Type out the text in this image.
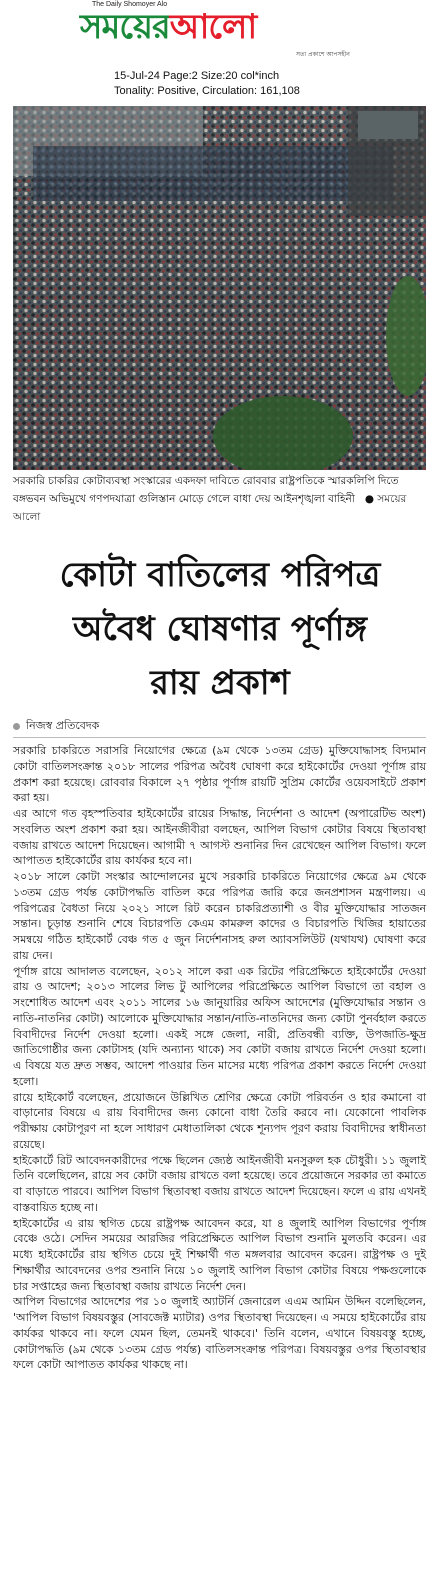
The Daily Shomoyer Alo
সময়েরআলো
সত্য প্রকাশে আপসহীন
15-Jul-24 Page:2 Size:20 col*inch
Tonality: Positive, Circulation: 161,108
সরকারি চাকরির কোটাব্যবস্থা সংস্কারের একদফা দাবিতে রোববার রাষ্ট্রপতিকে স্মারকলিপি দিতে বঙ্গভবন অভিমুখে গণপদযাত্রা গুলিস্তান মোড়ে গেলে বাধা দেয় আইনশৃঙ্খলা বাহিনী   ● সময়ের আলো
কোটা বাতিলের পরিপত্র
অবৈধ ঘোষণার পূর্ণাঙ্গ
রায় প্রকাশ
নিজস্ব প্রতিবেদক

সরকারি চাকরিতে সরাসরি নিয়োগের ক্ষেত্রে (৯ম থেকে ১৩তম গ্রেড) মুক্তিযোদ্ধাসহ বিদ্যমান কোটা বাতিলসংক্রান্ত ২০১৮ সালের পরিপত্র অবৈধ ঘোষণা করে হাইকোর্টের দেওয়া পূর্ণাঙ্গ রায় প্রকাশ করা হয়েছে। রোববার বিকালে ২৭ পৃষ্ঠার পূর্ণাঙ্গ রায়টি সুপ্রিম কোর্টের ওয়েবসাইটে প্রকাশ করা হয়।

এর আগে গত বৃহস্পতিবার হাইকোর্টের রায়ের সিদ্ধান্ত, নির্দেশনা ও আদেশ (অপারেটিভ অংশ) সংবলিত অংশ প্রকাশ করা হয়। আইনজীবীরা বলছেন, আপিল বিভাগ কোটার বিষয়ে স্থিতাবস্থা বজায় রাখতে আদেশ দিয়েছেন। আগামী ৭ আগস্ট শুনানির দিন রেখেছেন আপিল বিভাগ। ফলে আপাতত হাইকোর্টের রায় কার্যকর হবে না।

২০১৮ সালে কোটা সংস্কার আন্দোলনের মুখে সরকারি চাকরিতে নিয়োগের ক্ষেত্রে ৯ম থেকে ১৩তম গ্রেড পর্যন্ত কোটাপদ্ধতি বাতিল করে পরিপত্র জারি করে জনপ্রশাসন মন্ত্রণালয়। এ পরিপত্রের বৈধতা নিয়ে ২০২১ সালে রিট করেন চাকরিপ্রত্যাশী ও বীর মুক্তিযোদ্ধার সাতজন সন্তান। চূড়ান্ত শুনানি শেষে বিচারপতি কেএম কামরুল কাদের ও বিচারপতি খিজির হায়াতের সমন্বয়ে গঠিত হাইকোর্ট বেঞ্চ গত ৫ জুন নির্দেশনাসহ রুল অ্যাবসলিউট (যথাযথ) ঘোষণা করে রায় দেন।

পূর্ণাঙ্গ রায়ে আদালত বলেছেন, ২০১২ সালে করা এক রিটের পরিপ্রেক্ষিতে হাইকোর্টের দেওয়া রায় ও আদেশ; ২০১৩ সালের লিভ টু আপিলের পরিপ্রেক্ষিতে আপিল বিভাগে তা বহাল ও সংশোধিত আদেশ এবং ২০১১ সালের ১৬ জানুয়ারির অফিস আদেশের (মুক্তিযোদ্ধার সন্তান ও নাতি-নাতনির কোটা) আলোকে মুক্তিযোদ্ধার সন্তান/নাতি-নাতনিদের জন্য কোটা পুনর্বহাল করতে বিবাদীদের নির্দেশ দেওয়া হলো। একই সঙ্গে জেলা, নারী, প্রতিবন্ধী ব্যক্তি, উপজাতি-ক্ষুদ্র জাতিগোষ্ঠীর জন্য কোটাসহ (যদি অন্যান্য থাকে) সব কোটা বজায় রাখতে নির্দেশ দেওয়া হলো। এ বিষয়ে যত দ্রুত সম্ভব, আদেশ পাওয়ার তিন মাসের মধ্যে পরিপত্র প্রকাশ করতে নির্দেশ দেওয়া হলো।

রায়ে হাইকোর্ট বলেছেন, প্রয়োজনে উল্লিখিত শ্রেণির ক্ষেত্রে কোটা পরিবর্তন ও হার কমানো বা বাড়ানোর বিষয়ে এ রায় বিবাদীদের জন্য কোনো বাধা তৈরি করবে না। যেকোনো পাবলিক পরীক্ষায় কোটাপূরণ না হলে সাধারণ মেধাতালিকা থেকে শূন্যপদ পূরণ করায় বিবাদীদের স্বাধীনতা রয়েছে।

হাইকোর্টে রিট আবেদনকারীদের পক্ষে ছিলেন জ্যেষ্ঠ আইনজীবী মনসুরুল হক চৌধুরী। ১১ জুলাই তিনি বলেছিলেন, রায়ে সব কোটা বজায় রাখতে বলা হয়েছে। তবে প্রয়োজনে সরকার তা কমাতে বা বাড়াতে পারবে। আপিল বিভাগ স্থিতাবস্থা বজায় রাখতে আদেশ দিয়েছেন। ফলে এ রায় এখনই বাস্তবায়িত হচ্ছে না।

হাইকোর্টের এ রায় স্থগিত চেয়ে রাষ্ট্রপক্ষ আবেদন করে, যা ৪ জুলাই আপিল বিভাগের পূর্ণাঙ্গ বেঞ্চে ওঠে। সেদিন সময়ের আরজির পরিপ্রেক্ষিতে আপিল বিভাগ শুনানি মুলতবি করেন। এর মধ্যে হাইকোর্টের রায় স্থগিত চেয়ে দুই শিক্ষার্থী গত মঙ্গলবার আবেদন করেন। রাষ্ট্রপক্ষ ও দুই শিক্ষার্থীর আবেদনের ওপর শুনানি নিয়ে ১০ জুলাই আপিল বিভাগ কোটার বিষয়ে পক্ষগুলোকে চার সপ্তাহের জন্য স্থিতাবস্থা বজায় রাখতে নির্দেশ দেন।

আপিল বিভাগের আদেশের পর ১০ জুলাই অ্যাটর্নি জেনারেল এএম আমিন উদ্দিন বলেছিলেন, 'আপিল বিভাগ বিষয়বস্তুর (সাবজেক্ট ম্যাটার) ওপর স্থিতাবস্থা দিয়েছেন। এ সময়ে হাইকোর্টের রায় কার্যকর থাকবে না। ফলে যেমন ছিল, তেমনই থাকবে।' তিনি বলেন, এখানে বিষয়বস্তু হচ্ছে, কোটাপদ্ধতি (৯ম থেকে ১৩তম গ্রেড পর্যন্ত) বাতিলসংক্রান্ত পরিপত্র। বিষয়বস্তুর ওপর স্থিতাবস্থার ফলে কোটা আপাতত কার্যকর থাকছে না।
